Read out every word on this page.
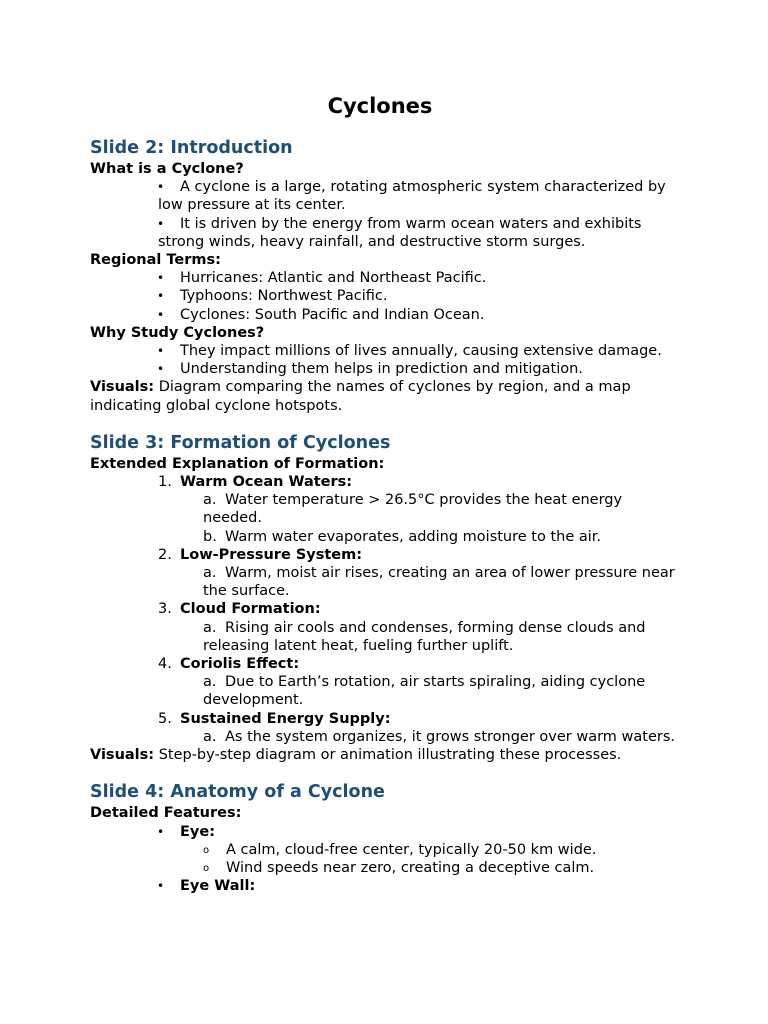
Cyclones
Slide 2: Introduction
What is a Cyclone?
• A cyclone is a large, rotating atmospheric system characterized by low pressure at its center.
• It is driven by the energy from warm ocean waters and exhibits strong winds, heavy rainfall, and destructive storm surges.
Regional Terms:
• Hurricanes: Atlantic and Northeast Pacific.
• Typhoons: Northwest Pacific.
• Cyclones: South Pacific and Indian Ocean.
Why Study Cyclones?
• They impact millions of lives annually, causing extensive damage.
• Understanding them helps in prediction and mitigation.

Visuals: Diagram comparing the names of cyclones by region, and a map indicating global cyclone hotspots.

Slide 3: Formation of Cyclones
Extended Explanation of Formation:
1. Warm Ocean Waters:
a. Water temperature > 26.5°C provides the heat energy needed.
b. Warm water evaporates, adding moisture to the air.
2. Low-Pressure System:
a. Warm, moist air rises, creating an area of lower pressure near the surface.
3. Cloud Formation:
a. Rising air cools and condenses, forming dense clouds and releasing latent heat, fueling further uplift.
4. Coriolis Effect:
a. Due to Earth’s rotation, air starts spiraling, aiding cyclone development.
5. Sustained Energy Supply:
a. As the system organizes, it grows stronger over warm waters.

Visuals: Step-by-step diagram or animation illustrating these processes.

Slide 4: Anatomy of a Cyclone
Detailed Features:
• Eye:
o A calm, cloud-free center, typically 20-50 km wide.
o Wind speeds near zero, creating a deceptive calm.
• Eye Wall:
